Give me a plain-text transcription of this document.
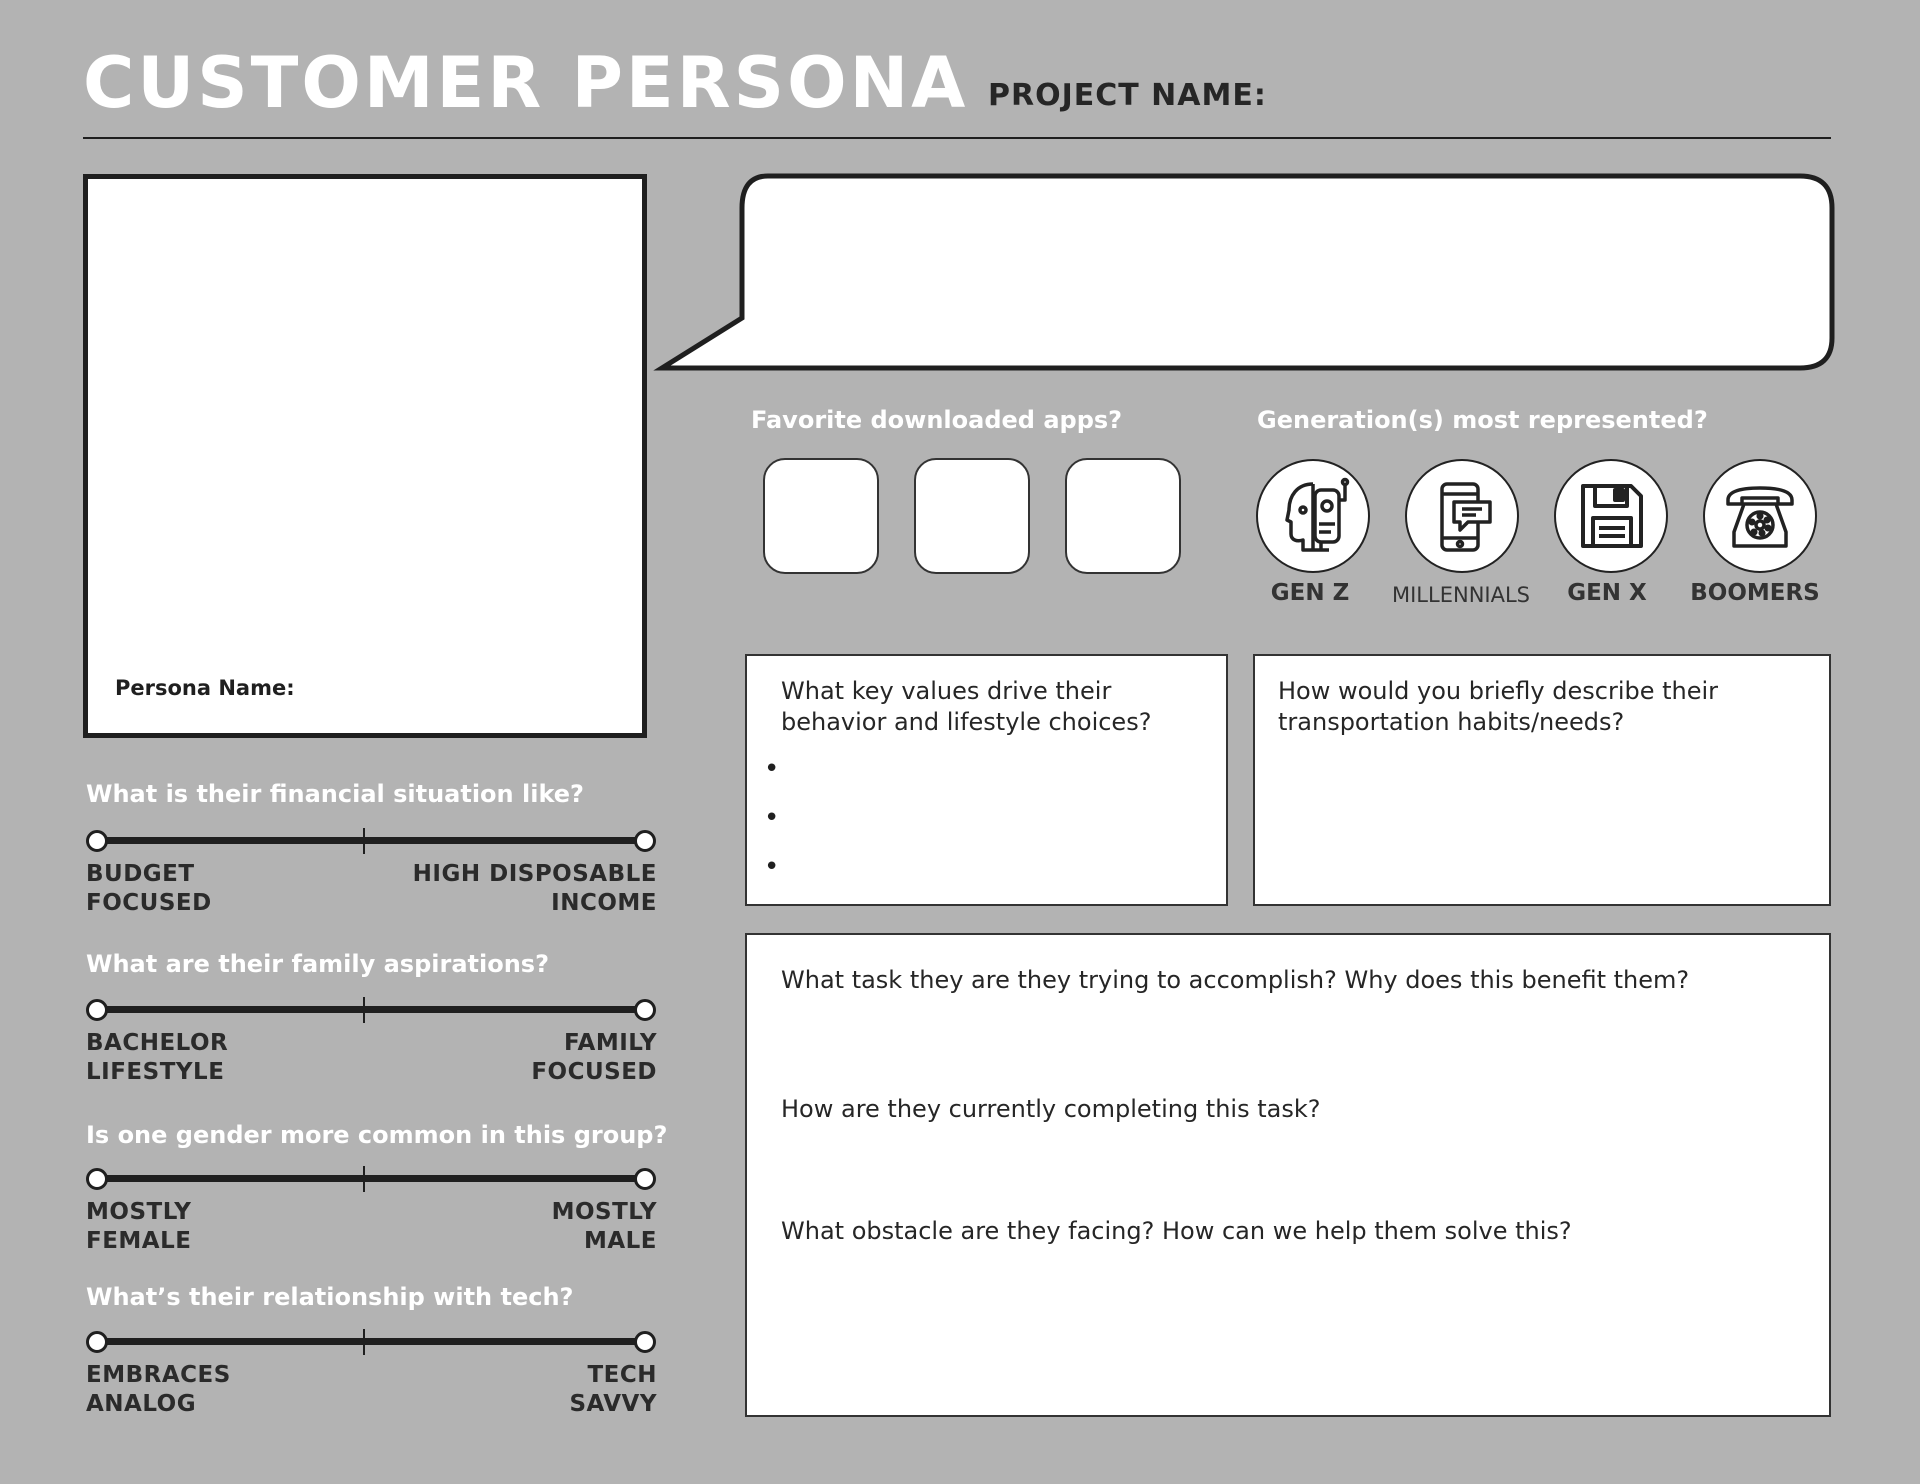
CUSTOMER PERSONA PROJECT NAME:
Persona Name:
Favorite downloaded apps?	Generation(s) most represented?
GEN Z	MILLENNIALS	GEN X	BOOMERS
What key values drive their
behavior and lifestyle choices?
•
•
•
How would you briefly describe their
transportation habits/needs?
What task they are they trying to accomplish? Why does this benefit them?
How are they currently completing this task?
What obstacle are they facing? How can we help them solve this?
What is their financial situation like?
BUDGET
FOCUSED
HIGH DISPOSABLE
INCOME
What are their family aspirations?
BACHELOR
LIFESTYLE
FAMILY
FOCUSED
Is one gender more common in this group?
MOSTLY
FEMALE
MOSTLY
MALE
What’s their relationship with tech?
EMBRACES
ANALOG
TECH
SAVVY
